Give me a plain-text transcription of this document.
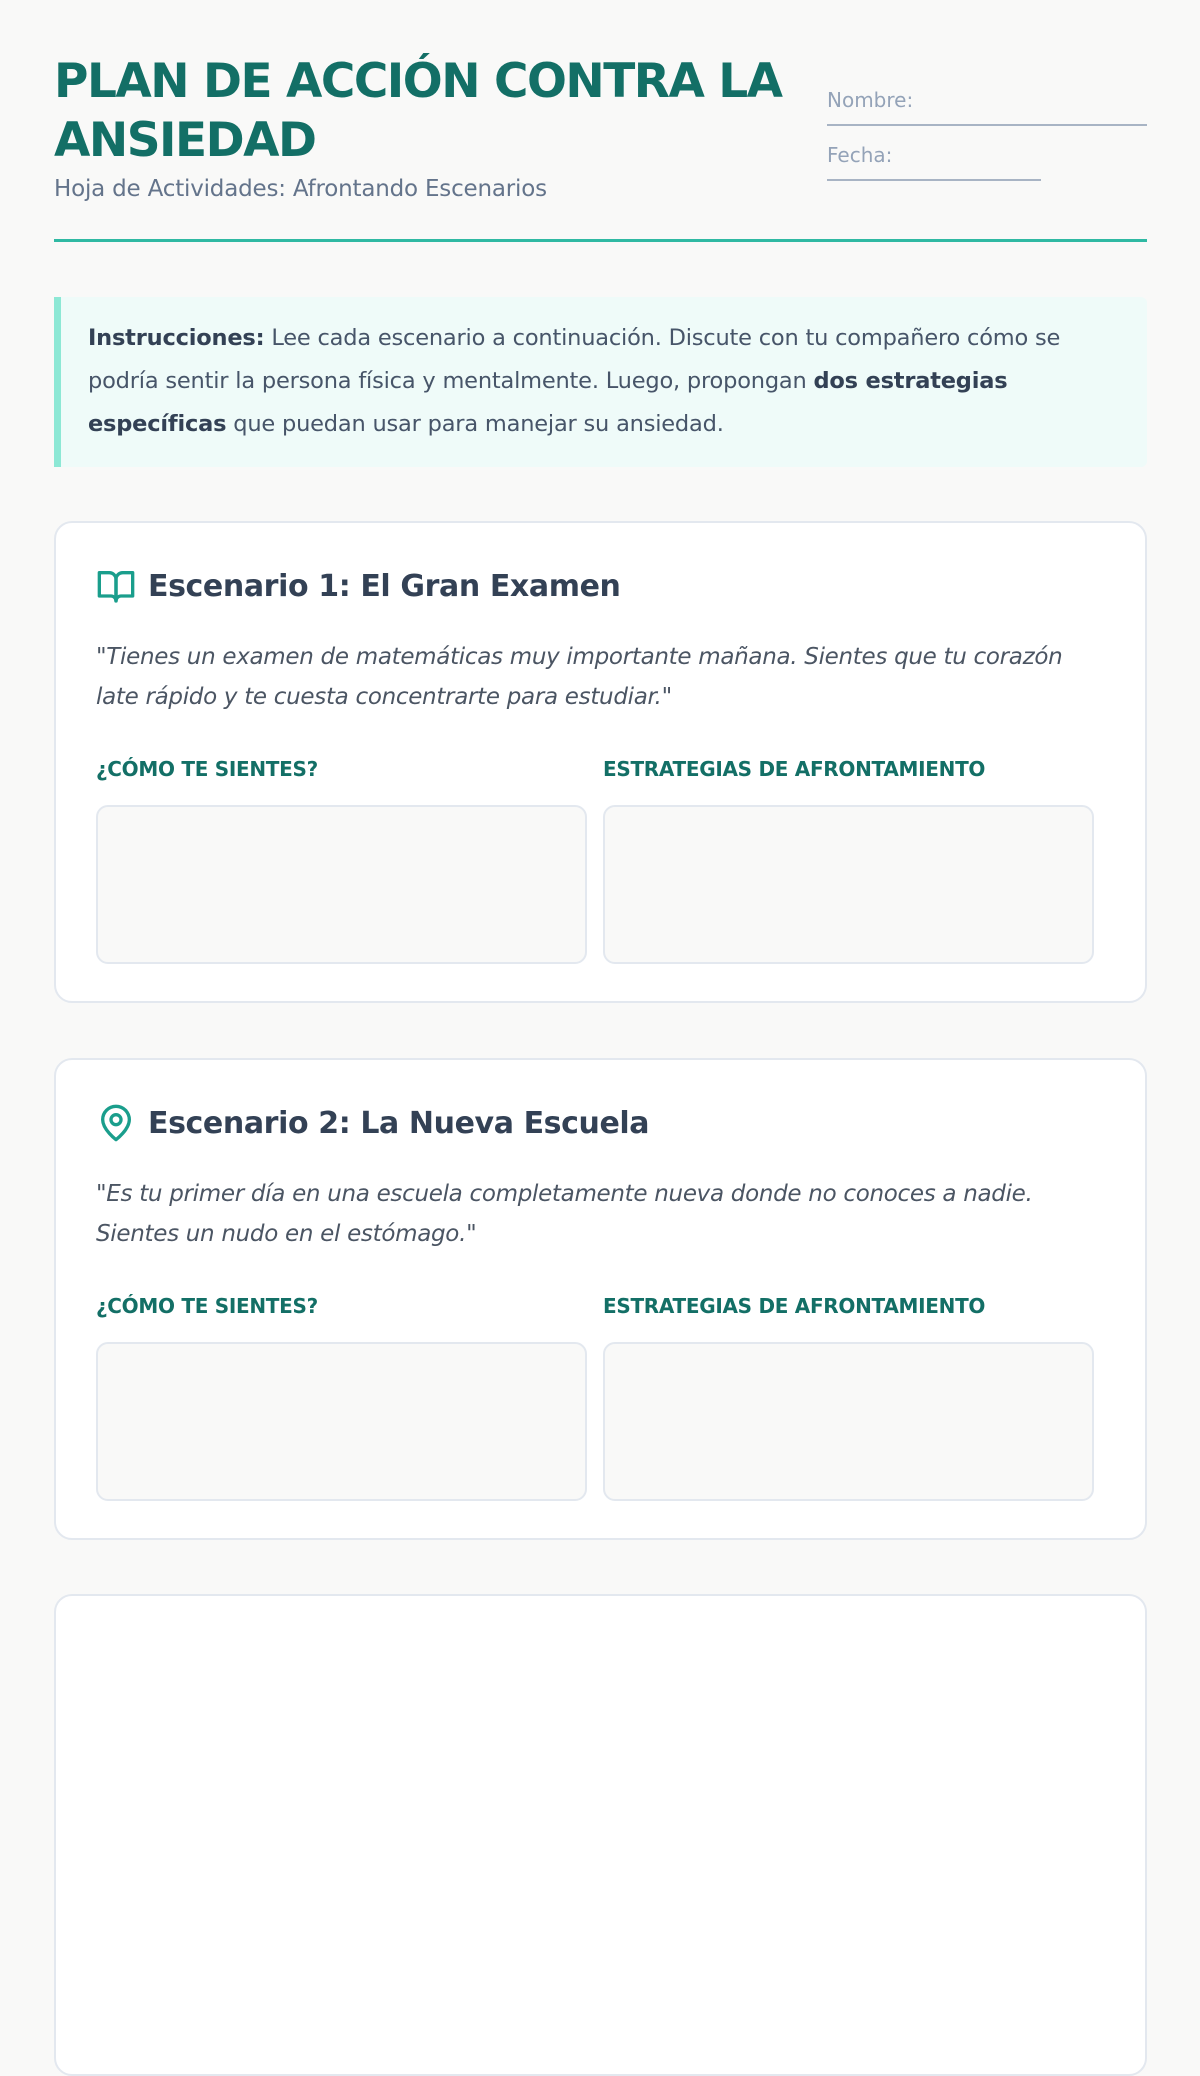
PLAN DE ACCIÓN CONTRA LA ANSIEDAD
Hoja de Actividades: Afrontando Escenarios
Nombre:
Fecha:
Instrucciones: Lee cada escenario a continuación. Discute con tu compañero cómo se podría sentir la persona física y mentalmente. Luego, propongan dos estrategias específicas que puedan usar para manejar su ansiedad.
Escenario 1: El Gran Examen
"Tienes un examen de matemáticas muy importante mañana. Sientes que tu corazón late rápido y te cuesta concentrarte para estudiar."
¿CÓMO TE SIENTES?	ESTRATEGIAS DE AFRONTAMIENTO
Escenario 2: La Nueva Escuela
"Es tu primer día en una escuela completamente nueva donde no conoces a nadie. Sientes un nudo en el estómago."
¿CÓMO TE SIENTES?	ESTRATEGIAS DE AFRONTAMIENTO
